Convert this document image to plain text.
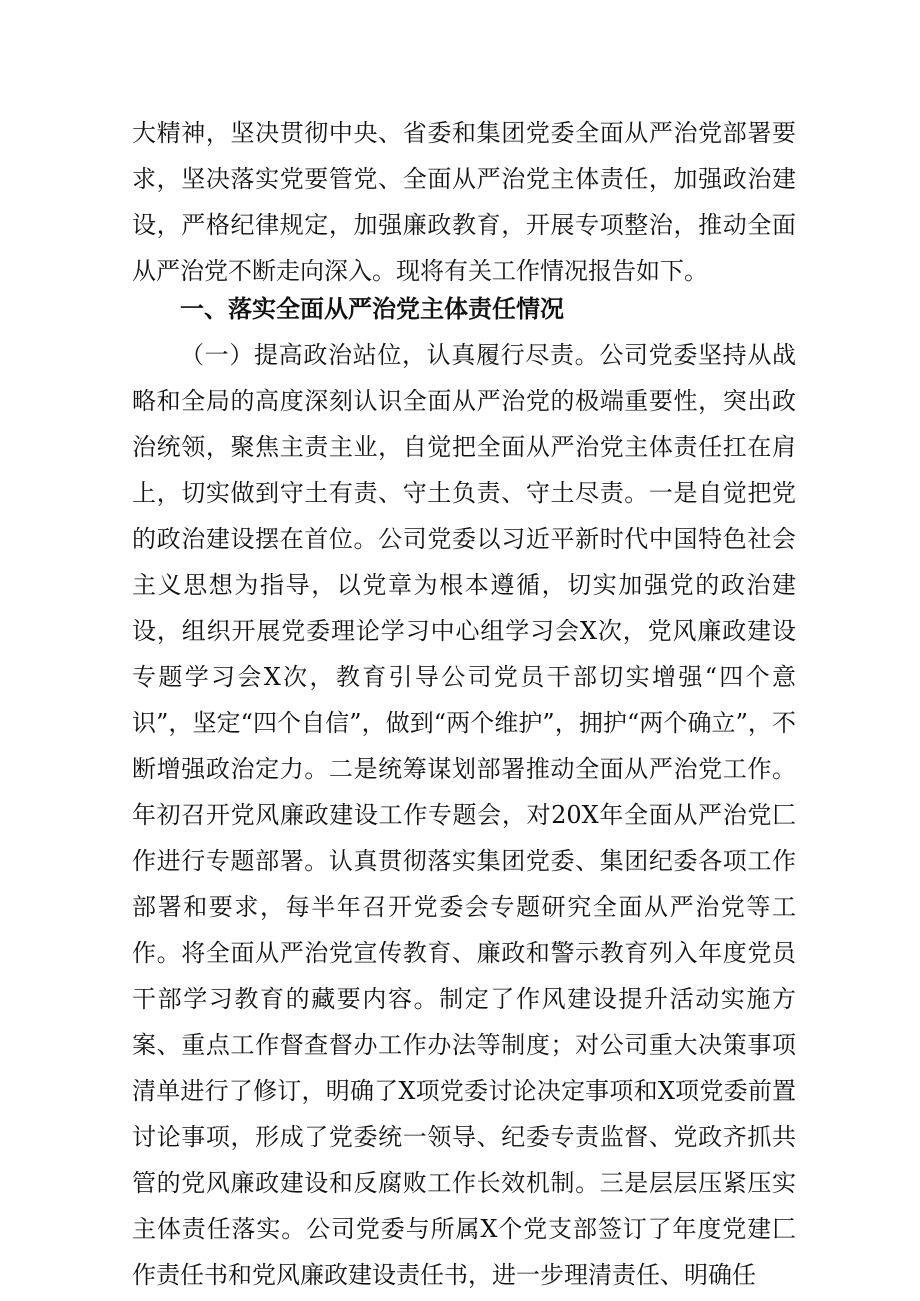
大精神，坚决贯彻中央、省委和集团党委全面从严治党部署要求，坚决落实党要管党、全面从严治党主体责任，加强政治建设，严格纪律规定，加强廉政教育，开展专项整治，推动全面从严治党不断走向深入。现将有关工作情况报告如下。

一、落实全面从严治党主体责任情况

（一）提高政治站位，认真履行尽责。公司党委坚持从战略和全局的高度深刻认识全面从严治党的极端重要性，突出政治统领，聚焦主责主业，自觉把全面从严治党主体责任扛在肩上，切实做到守土有责、守土负责、守土尽责。一是自觉把党的政治建设摆在首位。公司党委以习近平新时代中国特色社会主义思想为指导，以党章为根本遵循，切实加强党的政治建设，组织开展党委理论学习中心组学习会X次，党风廉政建设专题学习会X次，教育引导公司党员干部切实增强“四个意识”，坚定“四个自信”，做到“两个维护”，拥护“两个确立”，不断增强政治定力。二是统筹谋划部署推动全面从严治党工作。年初召开党风廉政建设工作专题会，对20X年全面从严治党匚作进行专题部署。认真贯彻落实集团党委、集团纪委各项工作部署和要求，每半年召开党委会专题研究全面从严治党等工作。将全面从严治党宣传教育、廉政和警示教育列入年度党员干部学习教育的藏要内容。制定了作风建设提升活动实施方案、重点工作督查督办工作办法等制度；对公司重大决策事项清单进行了修订，明确了X项党委讨论决定事项和X项党委前置讨论事项，形成了党委统一领导、纪委专责监督、党政齐抓共管的党风廉政建设和反腐败工作长效机制。三是层层压紧压实主体责任落实。公司党委与所属X个党支部签订了年度党建匚作责任书和党风廉政建设责任书，进一步理清责任、明确任
